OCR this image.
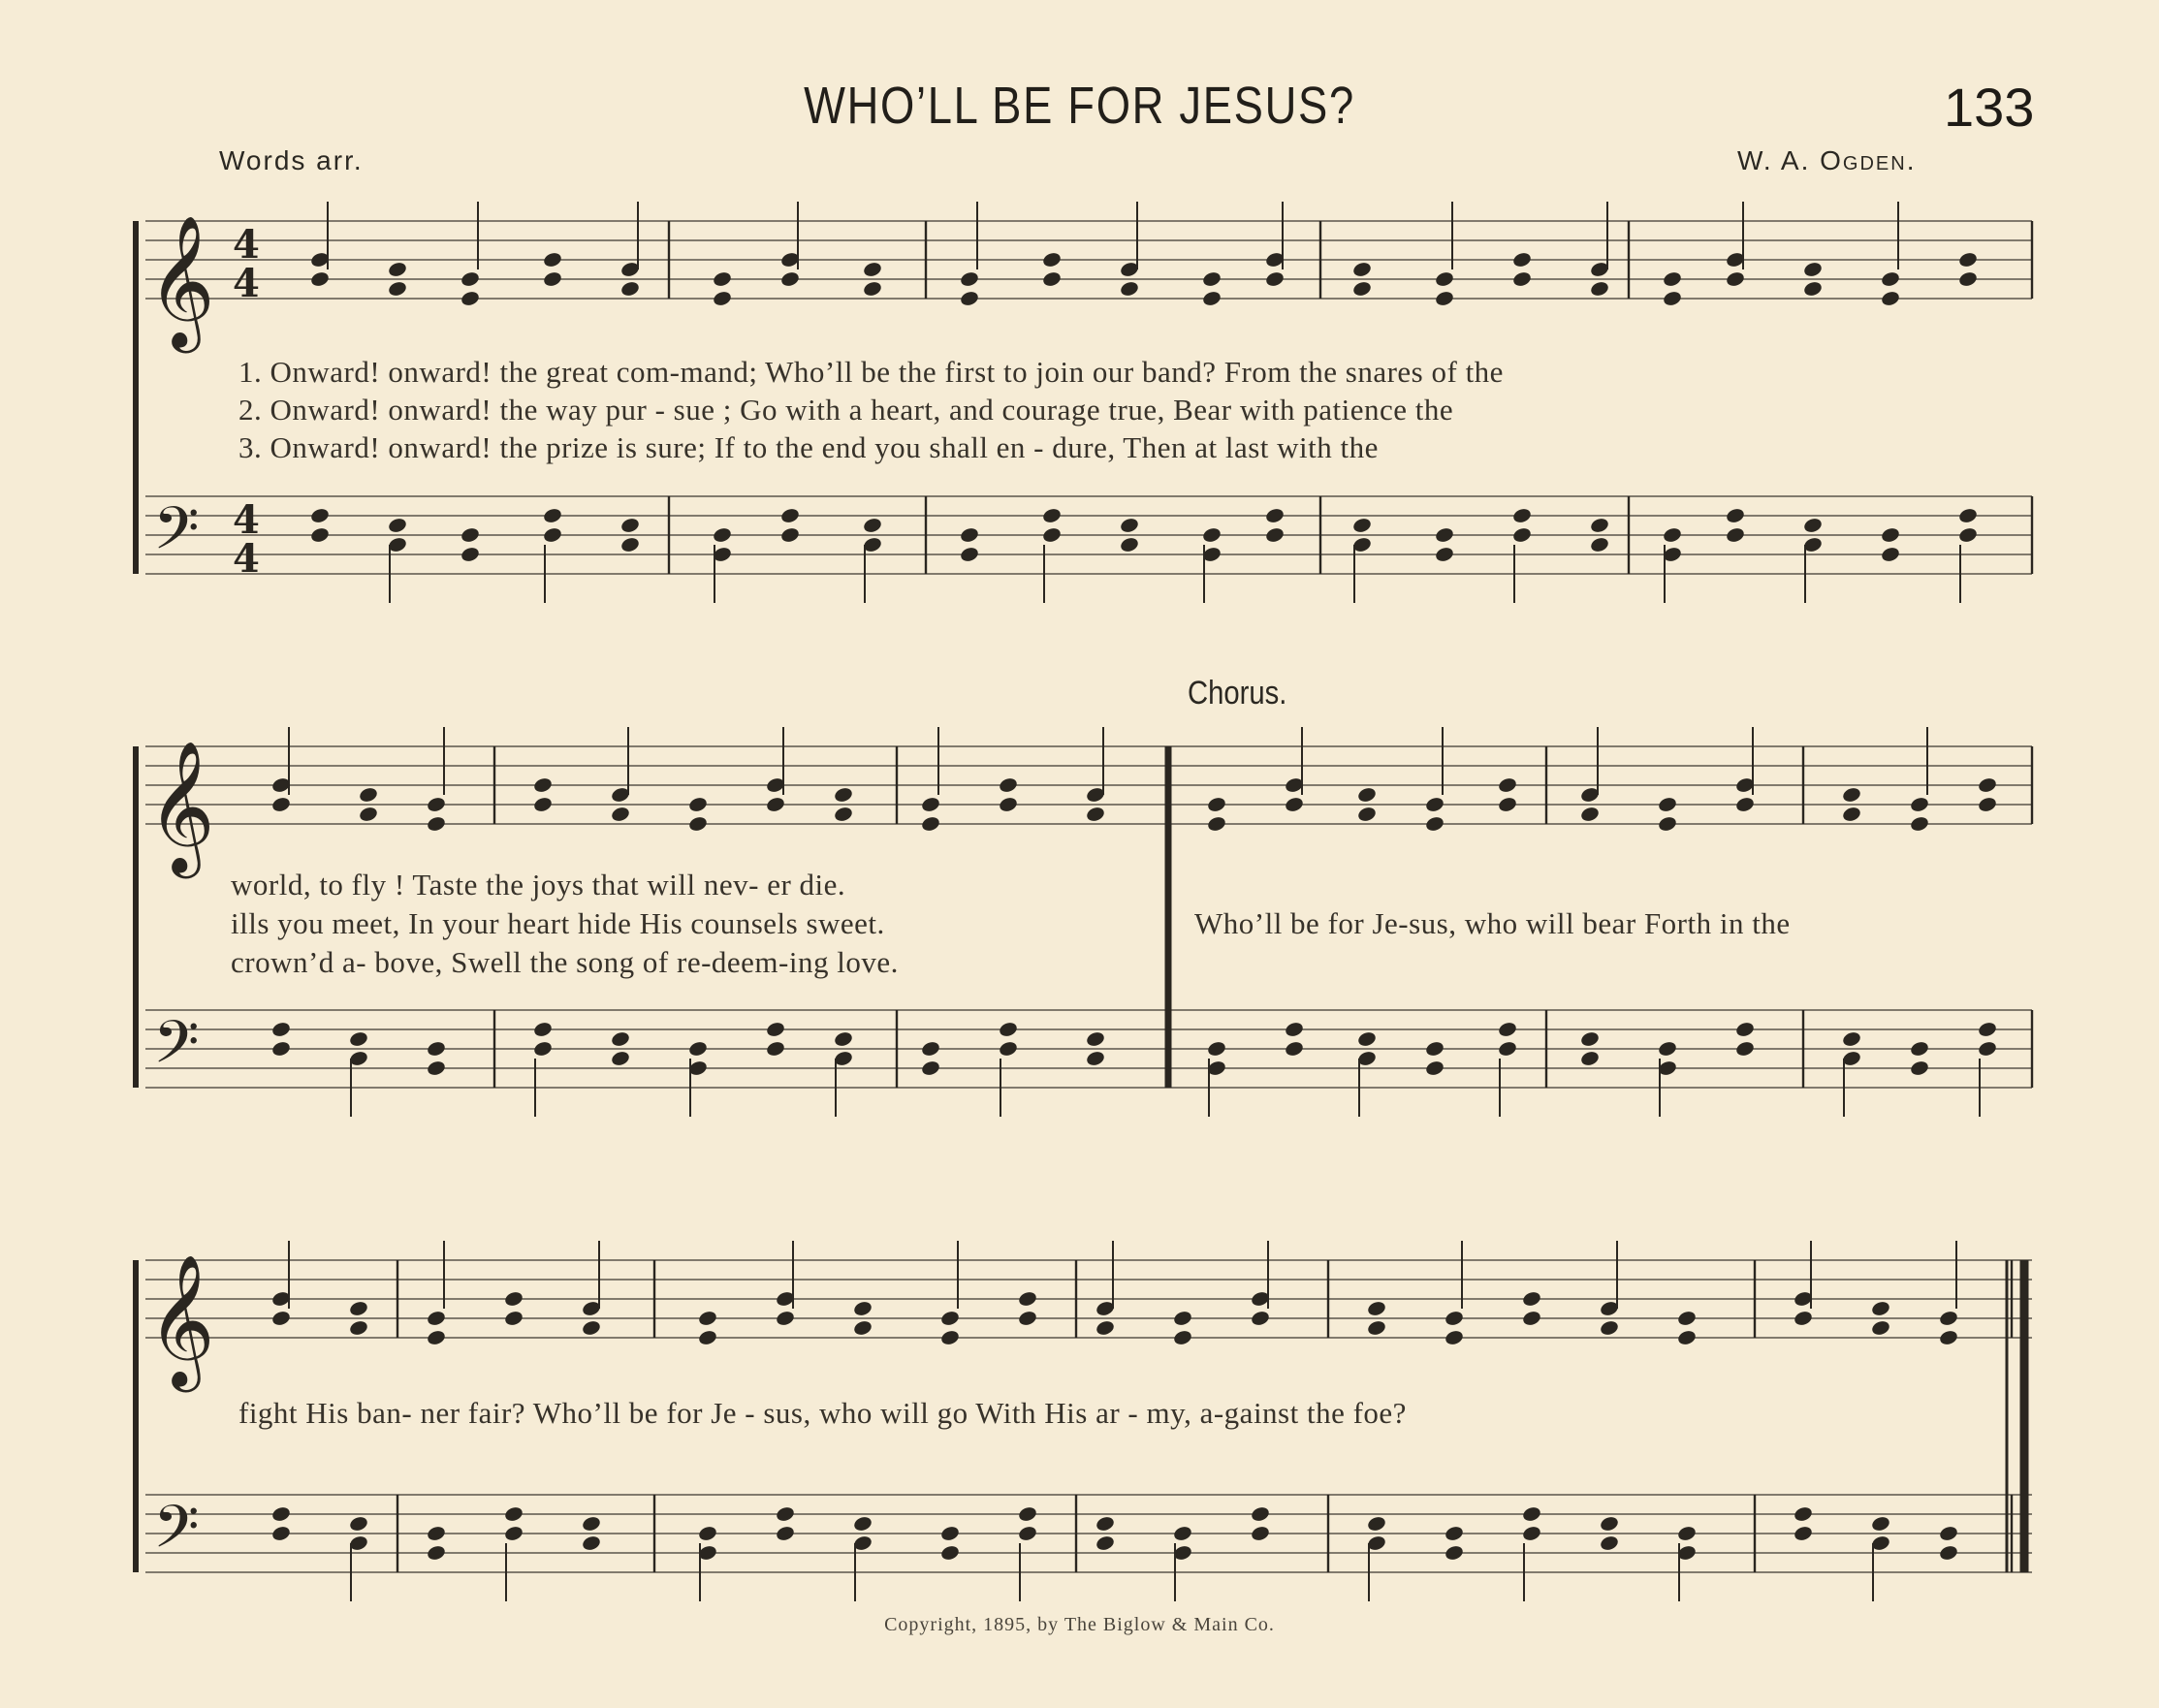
WHO’LL BE FOR JESUS?	133
Words arr.	W. A. Ogden.
𝄞
𝄢
4
4
4
4
𝄞
𝄢
𝄞
𝄢
1. Onward! onward! the great com-mand; Who’ll be the first to join our band? From the snares of the
2. Onward! onward! the way pur - sue ; Go with a heart, and courage true, Bear with patience the
3. Onward! onward! the prize is sure; If to the end you shall en - dure, Then at last with the
Chorus.
world, to fly ! Taste the joys that will nev- er die.
ills you meet, In your heart hide His counsels sweet.
crown’d a- bove, Swell the song of re-deem-ing love.
Who’ll be for Je-sus, who will bear Forth in the
fight His ban- ner fair? Who’ll be for Je - sus, who will go With His ar - my, a-gainst the foe?
Copyright, 1895, by The Biglow & Main Co.
